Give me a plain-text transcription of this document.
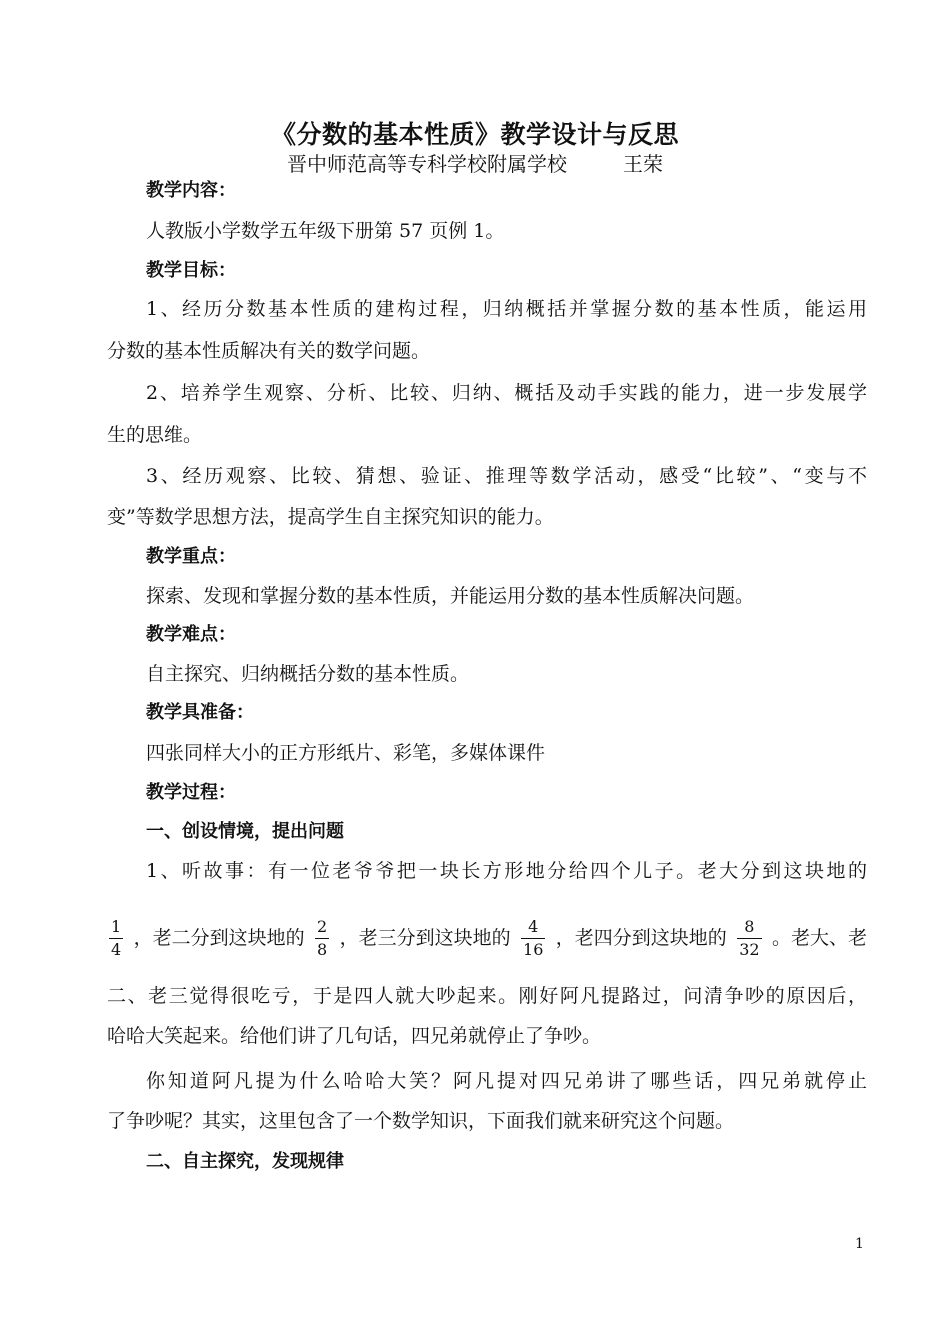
《分数的基本性质》教学设计与反思
晋中师范高等专科学校附属学校	王荣
教学内容：
人教版小学数学五年级下册第 57 页例 1。
教学目标：
1、经历分数基本性质的建构过程，归纳概括并掌握分数的基本性质，能运用
分数的基本性质解决有关的数学问题。
2、培养学生观察、分析、比较、归纳、概括及动手实践的能力，进一步发展学
生的思维。
3、经历观察、比较、猜想、验证、推理等数学活动，感受“比较”、“变与不
变”等数学思想方法，提高学生自主探究知识的能力。
教学重点：
探索、发现和掌握分数的基本性质，并能运用分数的基本性质解决问题。
教学难点：
自主探究、归纳概括分数的基本性质。
教学具准备：
四张同样大小的正方形纸片、彩笔，多媒体课件
教学过程：
一、创设情境，提出问题
1、听故事：有一位老爷爷把一块长方形地分给四个儿子。老大分到这块地的
$\frac{1}{4}$ ，老二分到这块地的 $\frac{2}{8}$ ，老三分到这块地的 $\frac{4}{16}$ ，老四分到这块地的 $\frac{8}{32}$ 。老大、老
二、老三觉得很吃亏，于是四人就大吵起来。刚好阿凡提路过，问清争吵的原因后，
哈哈大笑起来。给他们讲了几句话，四兄弟就停止了争吵。
你知道阿凡提为什么哈哈大笑？阿凡提对四兄弟讲了哪些话，四兄弟就停止
了争吵呢？其实，这里包含了一个数学知识，下面我们就来研究这个问题。
二、自主探究，发现规律
1
